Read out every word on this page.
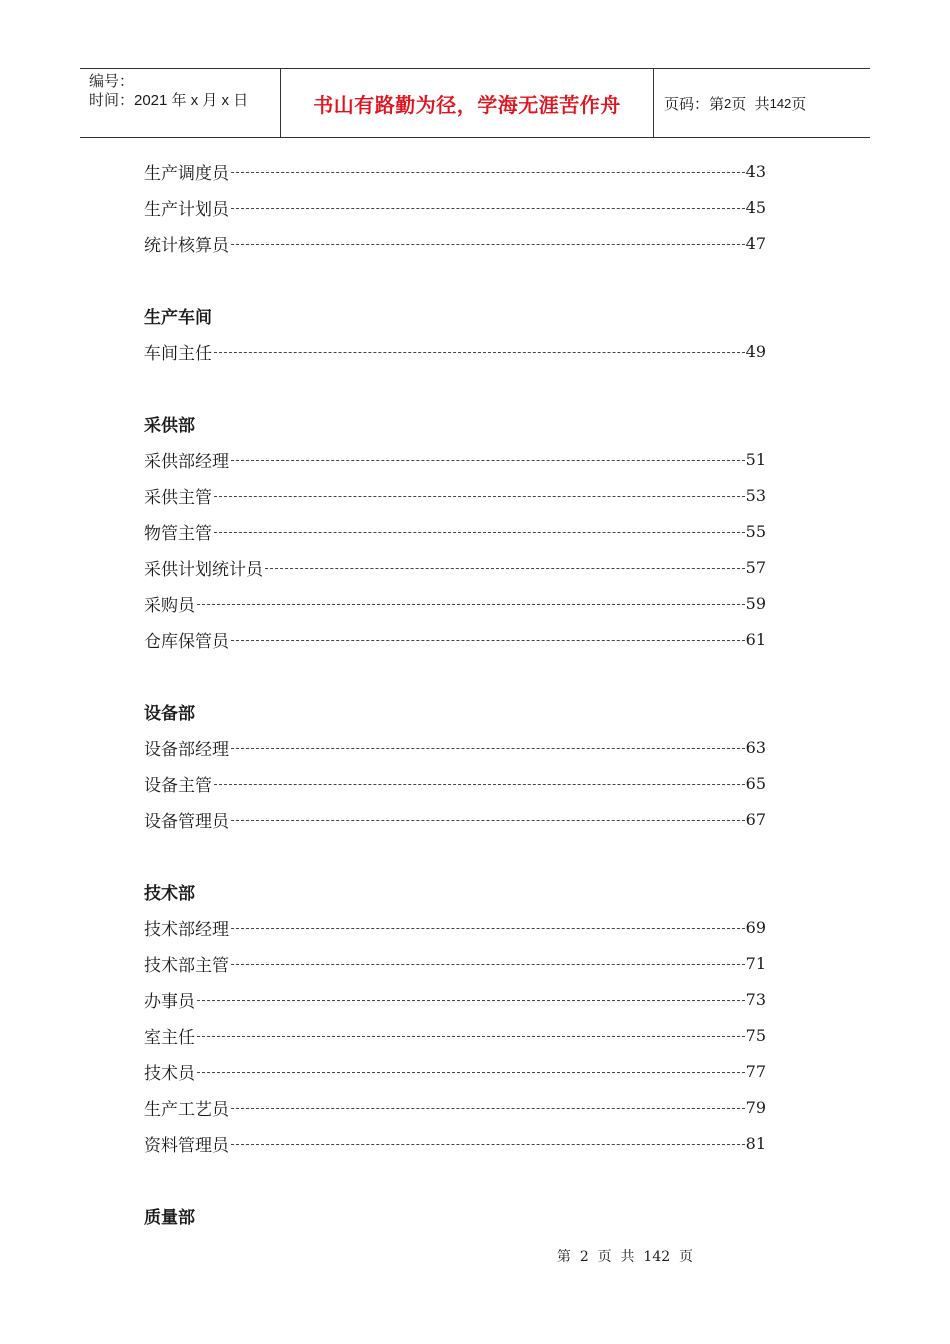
编号：
时间：2021 年 x 月 x 日	书山有路勤为径，学海无涯苦作舟	页码：第 2 页  共 142 页
生产调度员	43
生产计划员	45
统计核算员	47
生产车间
车间主任	49
采供部
采供部经理	51
采供主管	53
物管主管	55
采供计划统计员	57
采购员	59
仓库保管员	61
设备部
设备部经理	63
设备主管	65
设备管理员	67
技术部
技术部经理	69
技术部主管	71
办事员	73
室主任	75
技术员	77
生产工艺员	79
资料管理员	81
质量部
第  2  页  共  142  页
